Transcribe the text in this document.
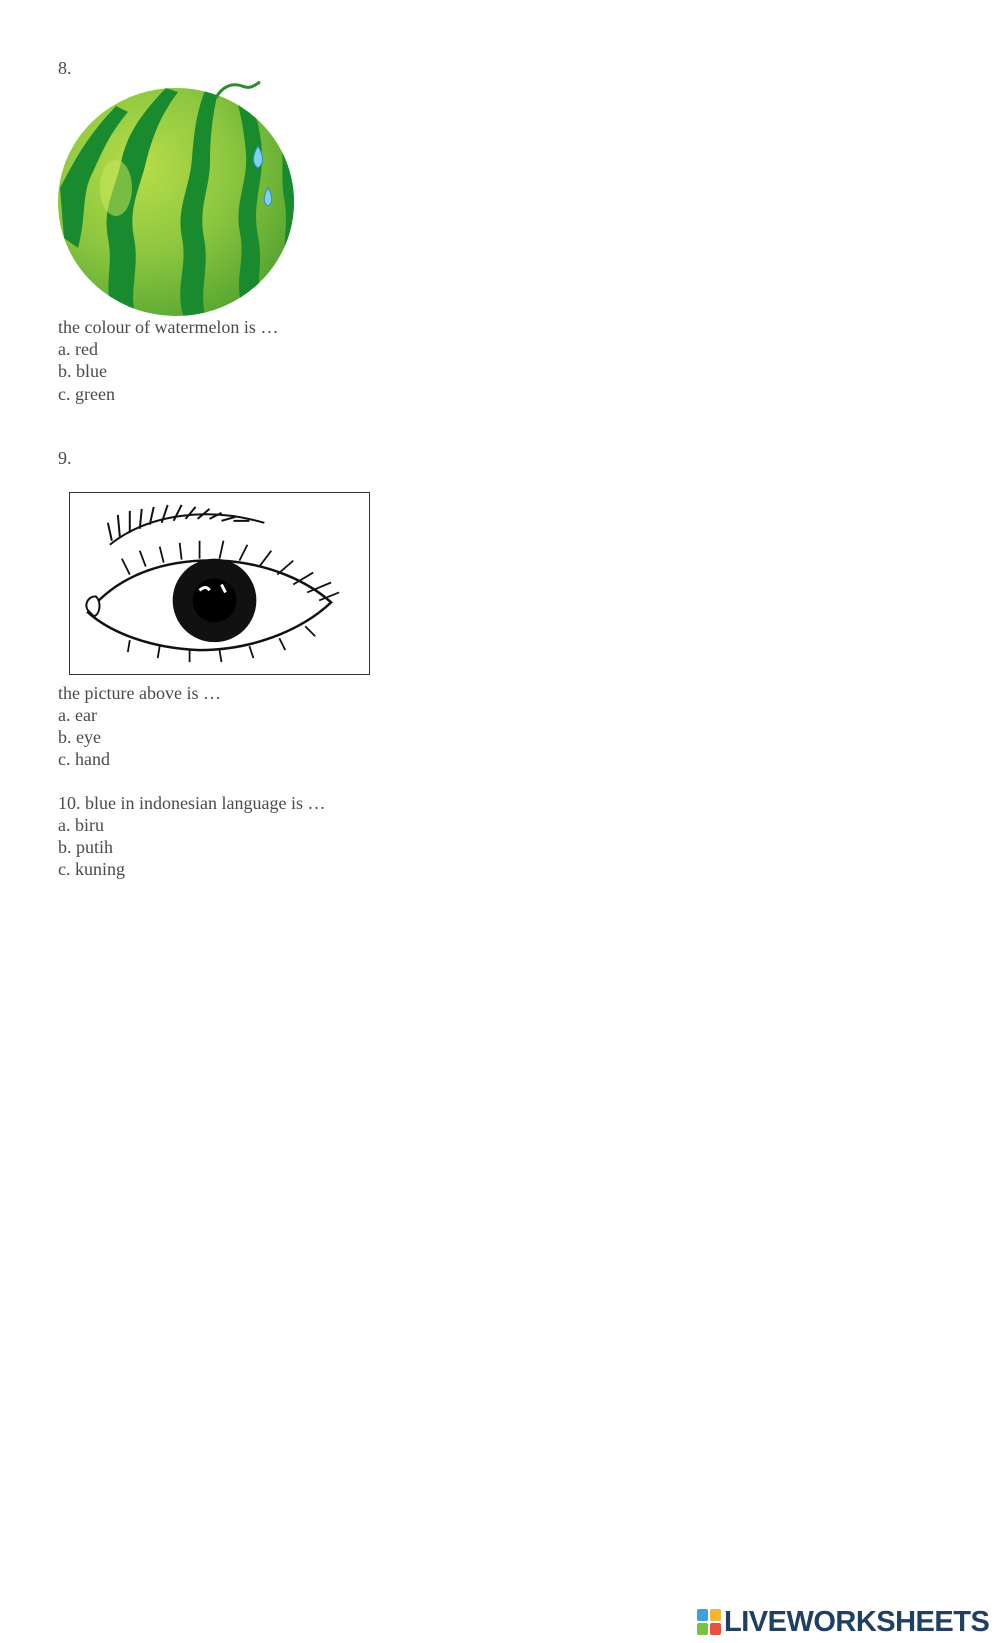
8.
the colour of watermelon is …
a. red
b. blue
c. green
9.
the picture above is …
a. ear
b. eye
c. hand
10. blue in indonesian language is …
a. biru
b. putih
c. kuning
LIVEWORKSHEETS
